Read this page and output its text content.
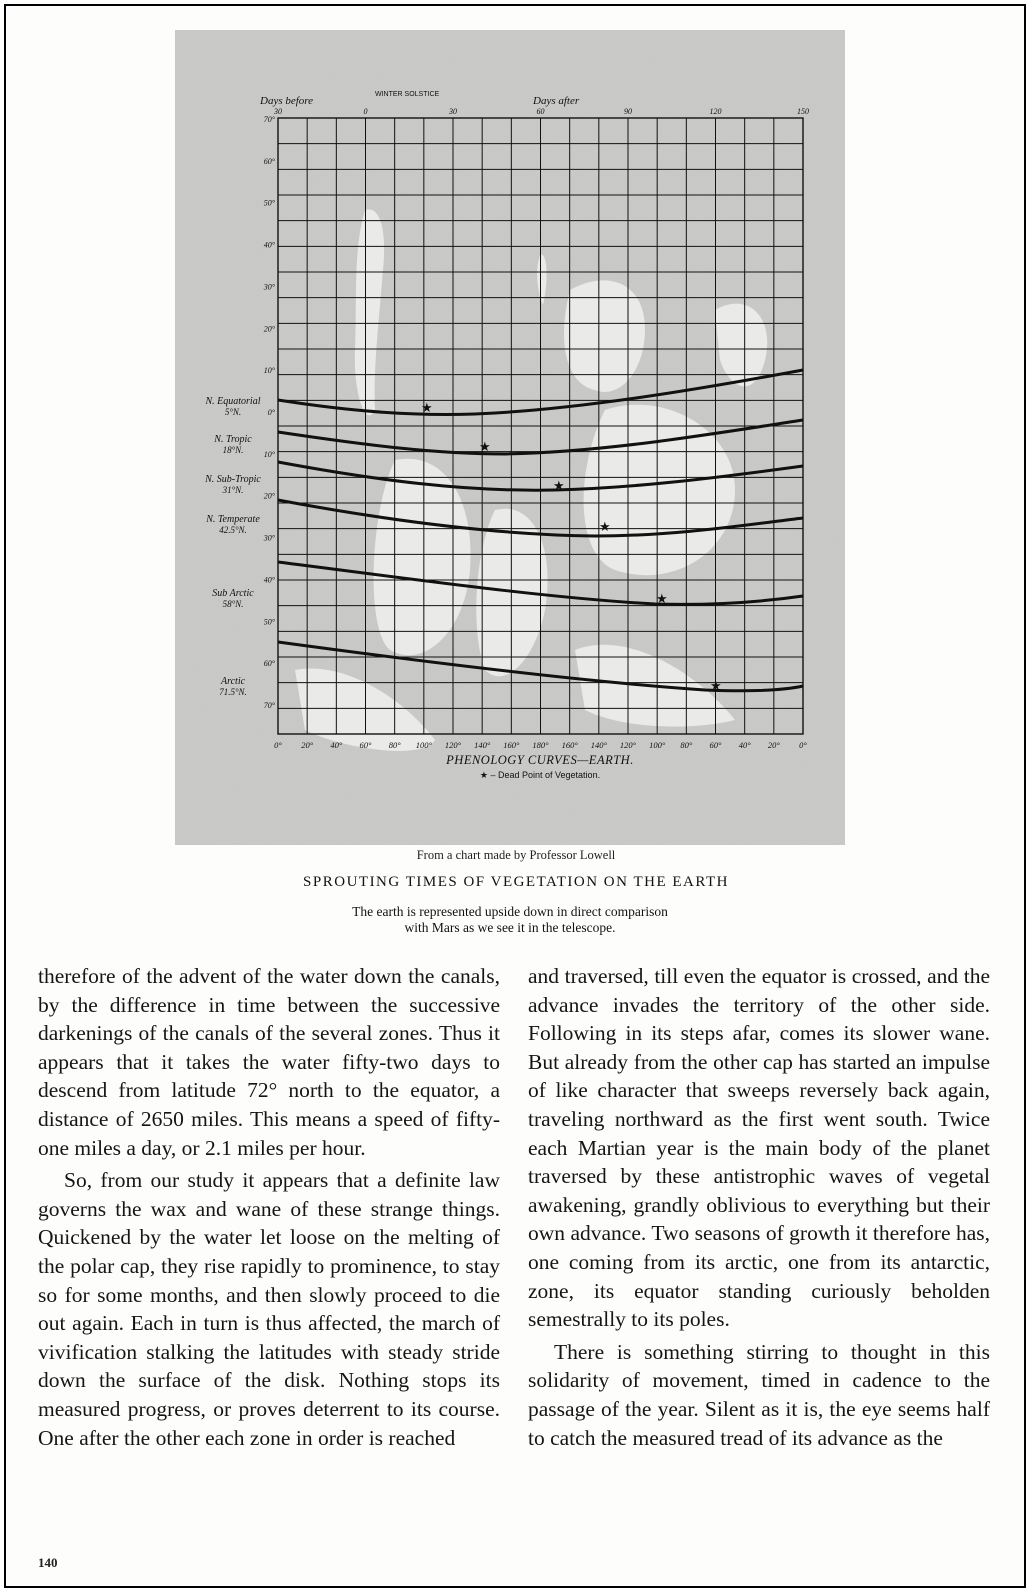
Days before
WINTER SOLSTICE
Days after
30	0	30	60	90	120	150
70°
60°
50°
40°
30°
20°
10°
0°
10°
20°
30°
40°
50°
60°
70°
0° 20° 40° 60° 80° 100° 120° 140° 160° 180° 160° 140° 120° 100° 80° 60° 40° 20° 0°
N. Equatorial
5°N.
N. Tropic
18°N.
N. Sub-Tropic
31°N.
N. Temperate
42.5°N.
Sub Arctic
58°N.
Arctic
71.5°N.
★
★
★
★
★
★
PHENOLOGY CURVES—EARTH.
★ – Dead Point of Vegetation.
From a chart made by Professor Lowell
SPROUTING TIMES OF VEGETATION ON THE EARTH
The earth is represented upside down in direct comparison
with Mars as we see it in the telescope.

therefore of the advent of the water down the canals, by the difference in time between the successive darkenings of the canals of the several zones. Thus it appears that it takes the water fifty-two days to descend from latitude 72° north to the equator, a distance of 2650 miles. This means a speed of fifty-one miles a day, or 2.1 miles per hour.

So, from our study it appears that a definite law governs the wax and wane of these strange things. Quickened by the water let loose on the melting of the polar cap, they rise rapidly to prominence, to stay so for some months, and then slowly proceed to die out again. Each in turn is thus affected, the march of vivification stalking the latitudes with steady stride down the surface of the disk. Nothing stops its measured progress, or proves deterrent to its course. One after the other each zone in order is reached

and traversed, till even the equator is crossed, and the advance invades the territory of the other side. Following in its steps afar, comes its slower wane. But already from the other cap has started an impulse of like character that sweeps reversely back again, traveling northward as the first went south. Twice each Martian year is the main body of the planet traversed by these antistrophic waves of vegetal awakening, grandly oblivious to everything but their own advance. Two seasons of growth it therefore has, one coming from its arctic, one from its antarctic, zone, its equator standing curiously beholden semestrally to its poles.

There is something stirring to thought in this solidarity of movement, timed in cadence to the passage of the year. Silent as it is, the eye seems half to catch the measured tread of its advance as the

140
